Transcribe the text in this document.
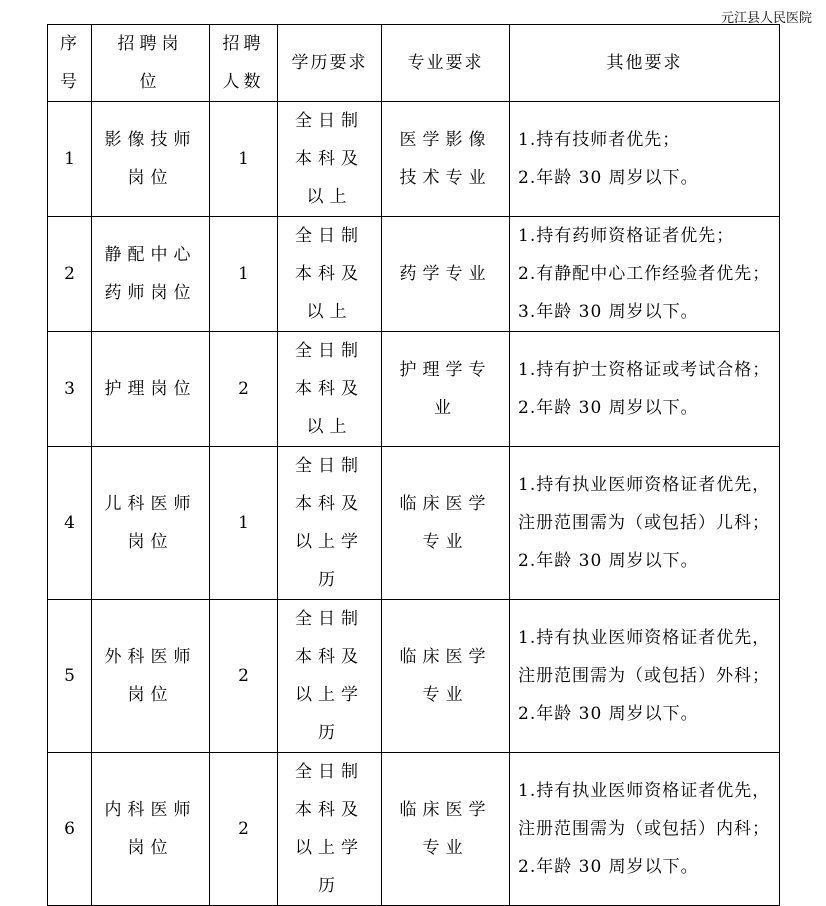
元江县人民医院
序号	招聘岗位	招聘人数	学历要求	专业要求	其他要求
1	影像技师岗位	1	全日制本科及以上	医学影像技术专业	1.持有技师者优先；
2.年龄 30 周岁以下。

2	静配中心药师岗位	1	全日制本科及以上	药学专业	1.持有药师资格证者优先；
2.有静配中心工作经验者优先；
3.年龄 30 周岁以下。

3	护理岗位	2	全日制本科及以上	护理学专业	1.持有护士资格证或考试合格；
2.年龄 30 周岁以下。

4	儿科医师岗位	1	全日制本科及以上学历	临床医学专业	1.持有执业医师资格证者优先，
注册范围需为（或包括）儿科；
2.年龄 30 周岁以下。

5	外科医师岗位	2	全日制本科及以上学历	临床医学专业	1.持有执业医师资格证者优先，
注册范围需为（或包括）外科；
2.年龄 30 周岁以下。

6	内科医师岗位	2	全日制本科及以上学历	临床医学专业	1.持有执业医师资格证者优先，
注册范围需为（或包括）内科；
2.年龄 30 周岁以下。
